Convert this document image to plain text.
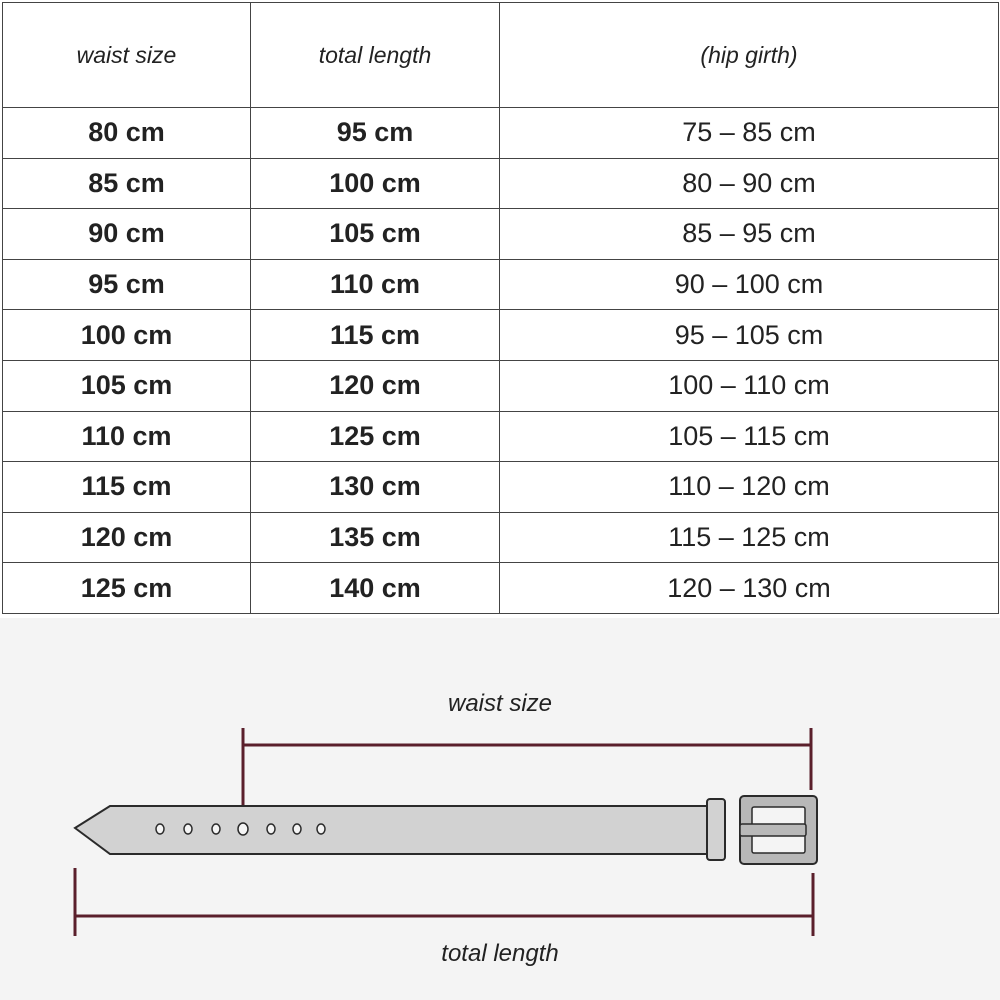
waist size	total length	(hip girth)
80 cm	95 cm	75 – 85 cm
85 cm	100 cm	80 – 90 cm
90 cm	105 cm	85 – 95 cm
95 cm	110 cm	90 – 100 cm
100 cm	115 cm	95 – 105 cm
105 cm	120 cm	100 – 110 cm
110 cm	125 cm	105 – 115 cm
115 cm	130 cm	110 – 120 cm
120 cm	135 cm	115 – 125 cm
125 cm	140 cm	120 – 130 cm
waist size
total length
